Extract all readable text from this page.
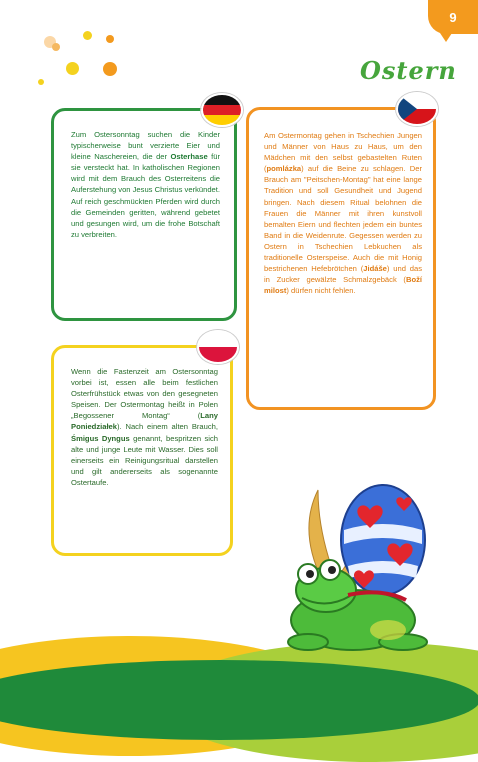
9
Ostern

Zum Ostersonntag suchen die Kinder typischerweise bunt verzierte Eier und kleine Naschereien, die der Osterhase für sie versteckt hat. In katholischen Regionen wird mit dem Brauch des Osterreitens die Auferstehung von Jesus Christus verkündet. Auf reich geschmückten Pferden wird durch die Gemeinden geritten, während gebetet und gesungen wird, um die frohe Botschaft zu verbreiten.

Am Ostermontag gehen in Tschechien Jungen und Männer von Haus zu Haus, um den Mädchen mit den selbst gebastelten Ruten (pomlázka) auf die Beine zu schlagen. Der Brauch am "Peitschen-Montag" hat eine lange Tradition und soll Gesundheit und Jugend bringen. Nach diesem Ritual belohnen die Frauen die Männer mit ihren kunstvoll bemalten Eiern und flechten jedem ein buntes Band in die Weidenrute. Gegessen werden zu Ostern in Tschechien Lebkuchen als traditionelle Osterspeise. Auch die mit Honig bestrichenen Hefebrötchen (Jidáše) und das in Zucker gewälzte Schmalzgebäck (Boží milost) dürfen nicht fehlen.

Wenn die Fastenzeit am Ostersonntag vorbei ist, essen alle beim festlichen Osterfrühstück etwas von den gesegneten Speisen. Der Ostermontag heißt in Polen „Begossener Montag“ (Lany Poniedziałek). Nach einem alten Brauch, Śmigus Dyngus genannt, bespritzen sich alte und junge Leute mit Wasser. Dies soll einerseits ein Reinigungsritual darstellen und gilt andererseits als sogenannte Ostertaufe.
